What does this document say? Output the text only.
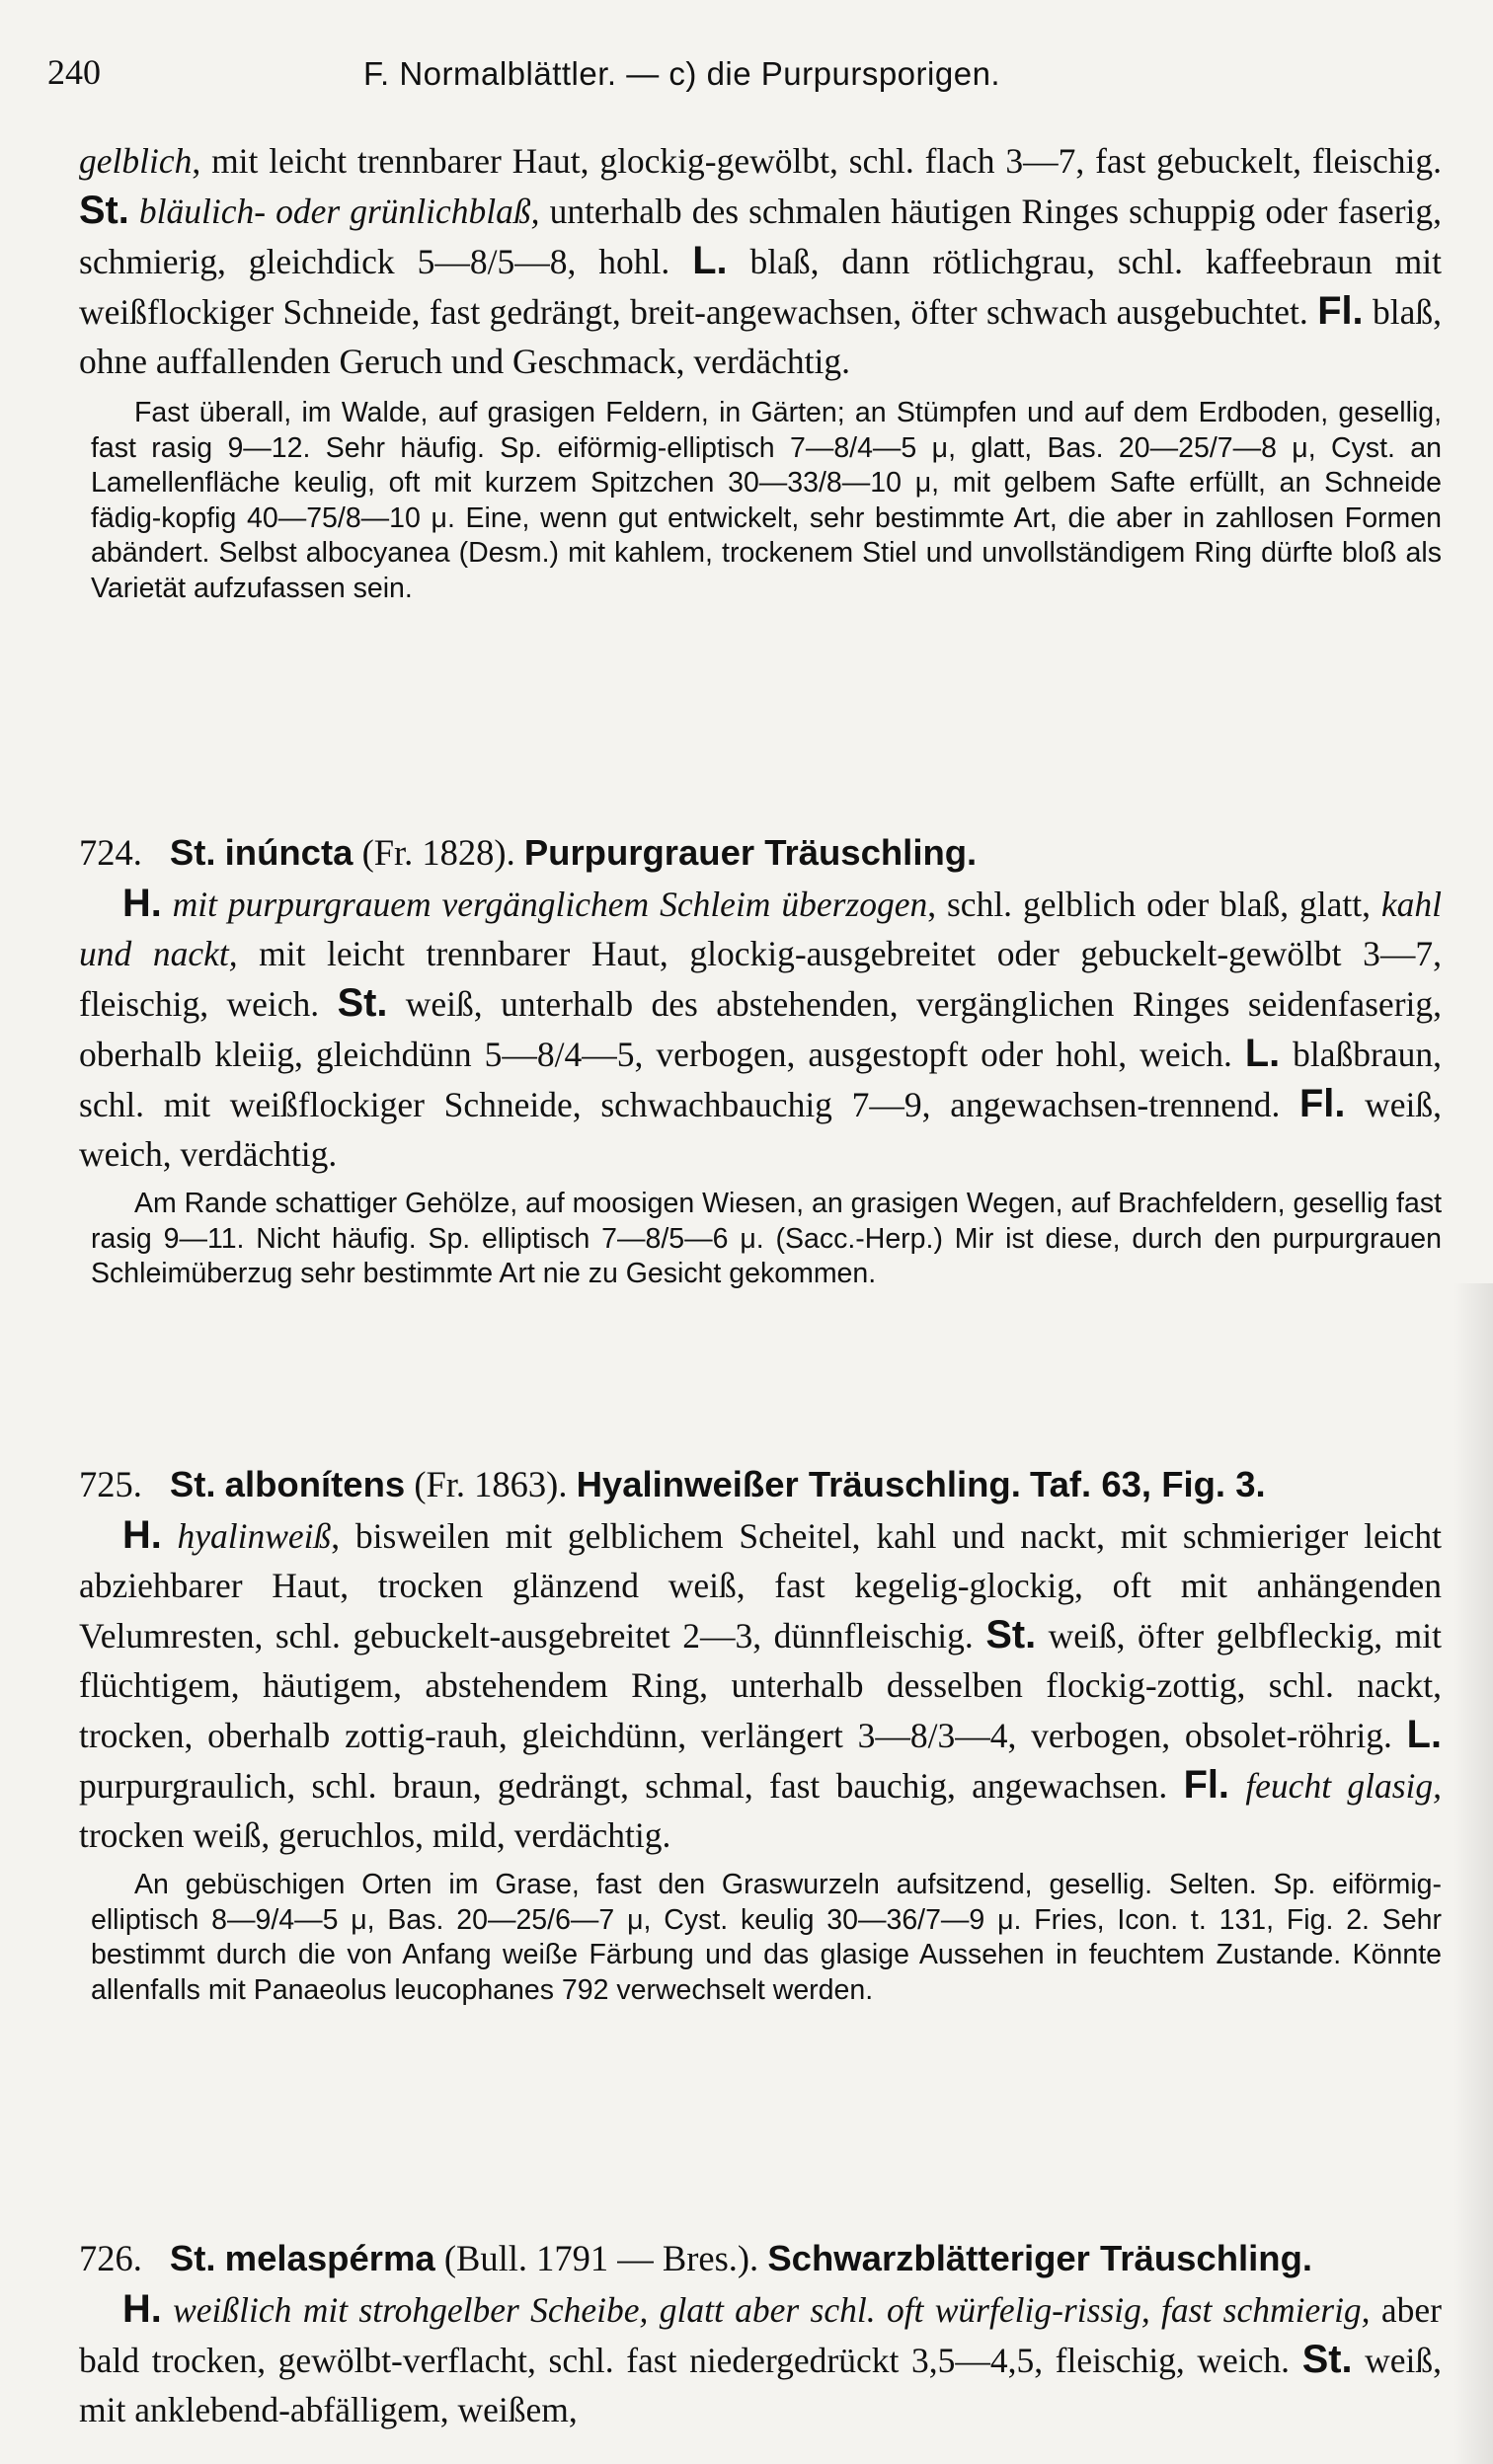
240	F. Normalblättler. — c) die Purpursporigen.

gelblich, mit leicht trennbarer Haut, glockig-gewölbt, schl. flach 3—7, fast gebuckelt, fleischig. St. bläulich- oder grünlichblaß, unterhalb des schmalen häutigen Ringes schuppig oder faserig, schmierig, gleichdick 5—8/5—8, hohl. L. blaß, dann rötlichgrau, schl. kaffeebraun mit weißflockiger Schneide, fast gedrängt, breit-angewachsen, öfter schwach ausgebuchtet. Fl. blaß, ohne auffallenden Geruch und Geschmack, verdächtig.

Fast überall, im Walde, auf grasigen Feldern, in Gärten; an Stümpfen und auf dem Erdboden, gesellig, fast rasig 9—12. Sehr häufig. Sp. eiförmig-elliptisch 7—8/4—5 μ, glatt, Bas. 20—25/7—8 μ, Cyst. an Lamellenfläche keulig, oft mit kurzem Spitzchen 30—33/8—10 μ, mit gelbem Safte erfüllt, an Schneide fädig-kopfig 40—75/8—10 μ. Eine, wenn gut entwickelt, sehr bestimmte Art, die aber in zahllosen Formen abändert. Selbst albocyanea (Desm.) mit kahlem, trockenem Stiel und unvollständigem Ring dürfte bloß als Varietät aufzufassen sein.

724. St. inúncta (Fr. 1828). Purpurgrauer Träuschling.

H. mit purpurgrauem vergänglichem Schleim überzogen, schl. gelblich oder blaß, glatt, kahl und nackt, mit leicht trennbarer Haut, glockig-ausgebreitet oder gebuckelt-gewölbt 3—7, fleischig, weich. St. weiß, unterhalb des abstehenden, vergänglichen Ringes seidenfaserig, oberhalb kleiig, gleichdünn 5—8/4—5, verbogen, ausgestopft oder hohl, weich. L. blaßbraun, schl. mit weißflockiger Schneide, schwachbauchig 7—9, angewachsen-trennend. Fl. weiß, weich, verdächtig.

Am Rande schattiger Gehölze, auf moosigen Wiesen, an grasigen Wegen, auf Brachfeldern, gesellig fast rasig 9—11. Nicht häufig. Sp. elliptisch 7—8/5—6 μ. (Sacc.-Herp.) Mir ist diese, durch den purpurgrauen Schleimüberzug sehr bestimmte Art nie zu Gesicht gekommen.

725. St. albonítens (Fr. 1863). Hyalinweißer Träuschling. Taf. 63, Fig. 3.

H. hyalinweiß, bisweilen mit gelblichem Scheitel, kahl und nackt, mit schmieriger leicht abziehbarer Haut, trocken glänzend weiß, fast kegelig-glockig, oft mit anhängenden Velumresten, schl. gebuckelt-ausgebreitet 2—3, dünnfleischig. St. weiß, öfter gelbfleckig, mit flüchtigem, häutigem, abstehendem Ring, unterhalb desselben flockig-zottig, schl. nackt, trocken, oberhalb zottig-rauh, gleichdünn, verlängert 3—8/3—4, verbogen, obsolet-röhrig. L. purpurgraulich, schl. braun, gedrängt, schmal, fast bauchig, angewachsen. Fl. feucht glasig, trocken weiß, geruchlos, mild, verdächtig.

An gebüschigen Orten im Grase, fast den Graswurzeln aufsitzend, gesellig. Selten. Sp. eiförmig-elliptisch 8—9/4—5 μ, Bas. 20—25/6—7 μ, Cyst. keulig 30—36/7—9 μ. Fries, Icon. t. 131, Fig. 2. Sehr bestimmt durch die von Anfang weiße Färbung und das glasige Aussehen in feuchtem Zustande. Könnte allenfalls mit Panaeolus leucophanes 792 verwechselt werden.

726. St. melaspérma (Bull. 1791 — Bres.). Schwarzblätteriger Träuschling.

H. weißlich mit strohgelber Scheibe, glatt aber schl. oft würfelig-rissig, fast schmierig, aber bald trocken, gewölbt-verflacht, schl. fast niedergedrückt 3,5—4,5, fleischig, weich. St. weiß, mit anklebend-abfälligem, weißem,
